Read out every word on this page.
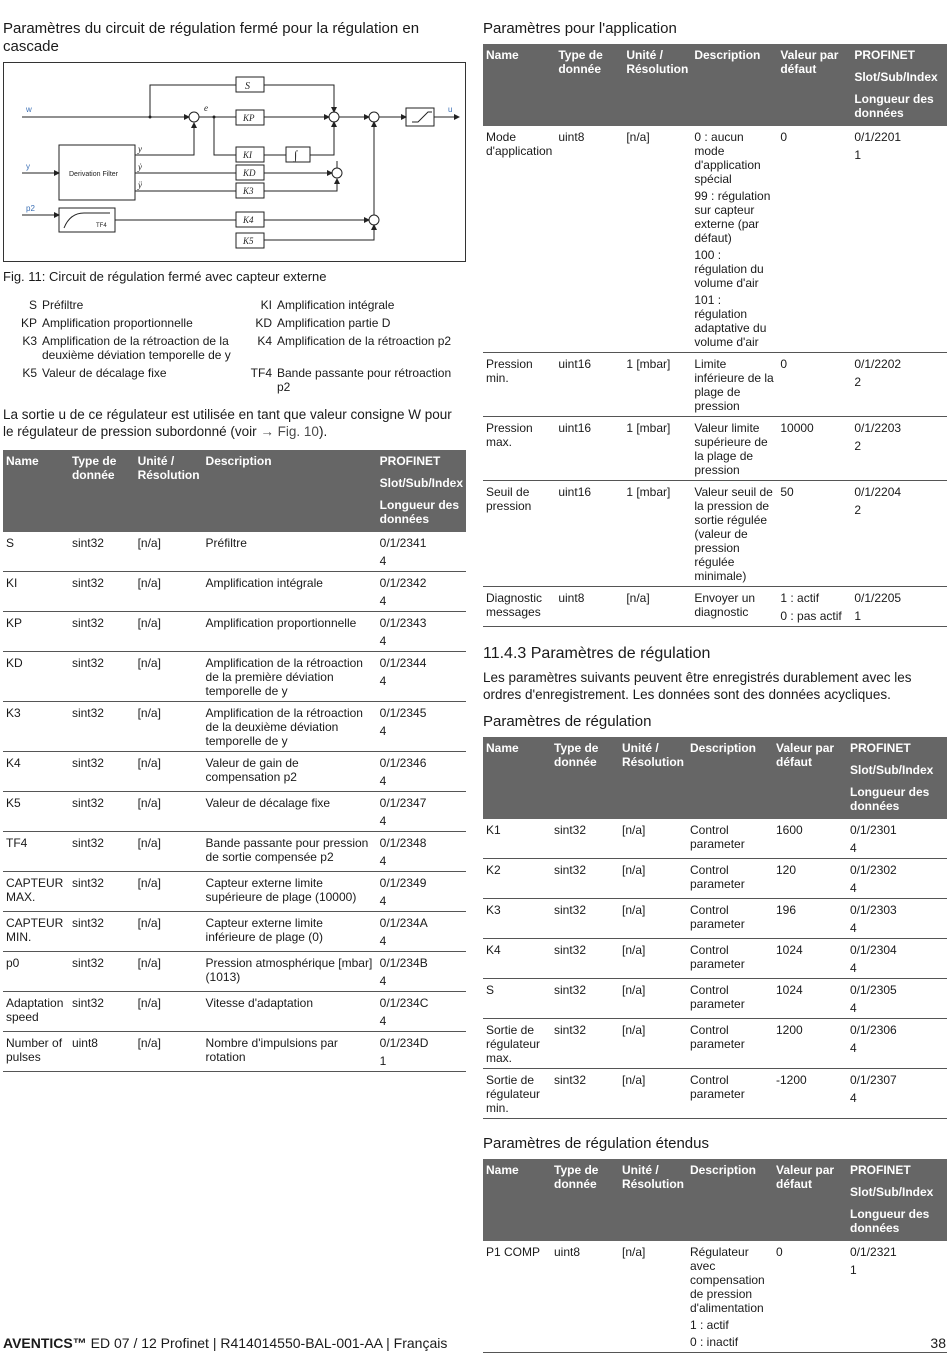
Paramètres du circuit de régulation fermé pour la régulation en cascade
w
y
p2
u
e
Derivation Filter
TF4
y
ẏ
ÿ
S
KP
KI
KD
K3
K4
K5
∫
Fig. 11: Circuit de régulation fermé avec capteur externe
S	Préfiltre	KI	Amplification intégrale
KP	Amplification proportionnelle	KD	Amplification partie D
K3	Amplification de la rétroaction de la deuxième déviation temporelle de y	K4	Amplification de la rétroaction p2
K5	Valeur de décalage fixe	TF4	Bande passante pour rétroaction p2

La sortie u de ce régulateur est utilisée en tant que valeur consigne W pour le régulateur de pression subordonné (voir → Fig. 10).

Name	Type de donnée	Unité / Résolution	Description	PROFINET
Slot/Sub/Index
Longueur des données

S	sint32	[n/a]	Préfiltre	0/1/2341
4

KI	sint32	[n/a]	Amplification intégrale	0/1/2342
4

KP	sint32	[n/a]	Amplification proportionnelle	0/1/2343
4

KD	sint32	[n/a]	Amplification de la rétroaction de la première déviation temporelle de y	0/1/2344
4

K3	sint32	[n/a]	Amplification de la rétroaction de la deuxième déviation temporelle de y	0/1/2345
4

K4	sint32	[n/a]	Valeur de gain de compensation p2	0/1/2346
4

K5	sint32	[n/a]	Valeur de décalage fixe	0/1/2347
4

TF4	sint32	[n/a]	Bande passante pour pression de sortie compensée p2	0/1/2348
4

CAPTEUR MAX.	sint32	[n/a]	Capteur externe limite supérieure de plage (10000)	0/1/2349
4

CAPTEUR MIN.	sint32	[n/a]	Capteur externe limite inférieure de plage (0)	0/1/234A
4

p0	sint32	[n/a]	Pression atmosphérique [mbar] (1013)	0/1/234B
4

Adaptation speed	sint32	[n/a]	Vitesse d'adaptation	0/1/234C
4

Number of pulses	uint8	[n/a]	Nombre d'impulsions par rotation	0/1/234D
1
Paramètres pour l'application
Name	Type de donnée	Unité / Résolution	Description	Valeur par défaut	PROFINET
Slot/Sub/Index
Longueur des données

Mode d'application	uint8	[n/a]	0 : aucun mode d'application spécial
99 : régulation sur capteur externe (par défaut)
100 : régulation du volume d'air
101 : régulation adaptative du volume d'air	0	0/1/2201
1

Pression min.	uint16	1 [mbar]	Limite inférieure de la plage de pression	0	0/1/2202
2

Pression max.	uint16	1 [mbar]	Valeur limite supérieure de la plage de pression	10000	0/1/2203
2

Seuil de pression	uint16	1 [mbar]	Valeur seuil de la pression de sortie régulée (valeur de pression régulée minimale)	50	0/1/2204
2

Diagnostic messages	uint8	[n/a]	Envoyer un diagnostic	1 : actif
0 : pas actif	0/1/2205
1
11.4.3 Paramètres de régulation

Les paramètres suivants peuvent être enregistrés durablement avec les ordres d'enregistrement. Les données sont des données acycliques.

Paramètres de régulation
Name	Type de donnée	Unité / Résolution	Description	Valeur par défaut	PROFINET
Slot/Sub/Index
Longueur des données

K1	sint32	[n/a]	Control parameter	1600	0/1/2301
4

K2	sint32	[n/a]	Control parameter	120	0/1/2302
4

K3	sint32	[n/a]	Control parameter	196	0/1/2303
4

K4	sint32	[n/a]	Control parameter	1024	0/1/2304
4

S	sint32	[n/a]	Control parameter	1024	0/1/2305
4

Sortie de régulateur max.	sint32	[n/a]	Control parameter	1200	0/1/2306
4

Sortie de régulateur min.	sint32	[n/a]	Control parameter	-1200	0/1/2307
4
Paramètres de régulation étendus
Name	Type de donnée	Unité / Résolution	Description	Valeur par défaut	PROFINET
Slot/Sub/Index
Longueur des données

P1 COMP	uint8	[n/a]	Régulateur avec compensation de pression d'alimentation
1 : actif
0 : inactif	0	0/1/2321
1
AVENTICS™ ED 07 / 12 Profinet | R414014550-BAL-001-AA | Français	38
